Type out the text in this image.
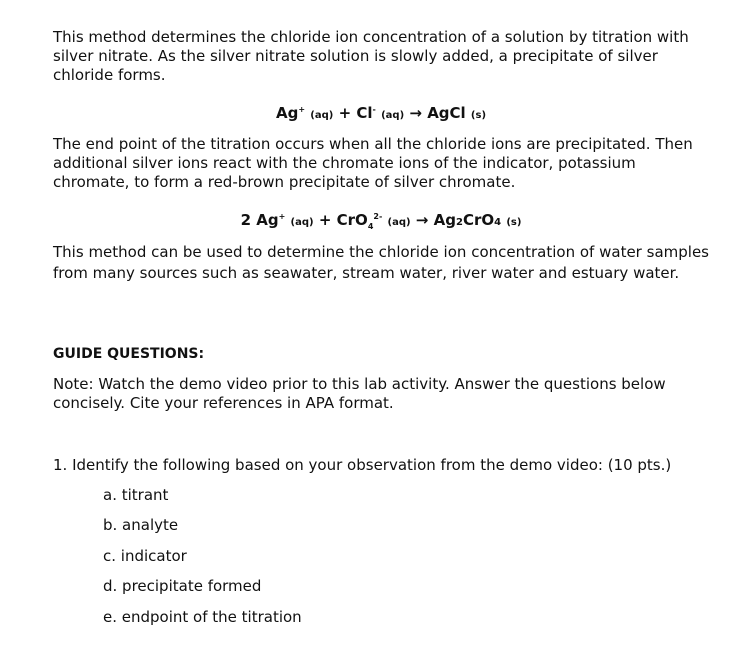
This method determines the chloride ion concentration of a solution by titration with silver nitrate. As the silver nitrate solution is slowly added, a precipitate of silver chloride forms.

Ag+ (aq) + Cl- (aq) → AgCl (s)

The end point of the titration occurs when all the chloride ions are precipitated. Then additional silver ions react with the chromate ions of the indicator, potassium chromate, to form a red-brown precipitate of silver chromate.

2 Ag+ (aq) + CrO$_4^{2-}$ (aq) → Ag2CrO4 (s)

This method can be used to determine the chloride ion concentration of water samples from many sources such as seawater, stream water, river water and estuary water.

GUIDE QUESTIONS:

Note: Watch the demo video prior to this lab activity. Answer the questions below concisely. Cite your references in APA format.

1. Identify the following based on your observation from the demo video: (10 pts.)
a. titrant
b. analyte
c. indicator
d. precipitate formed
e. endpoint of the titration
